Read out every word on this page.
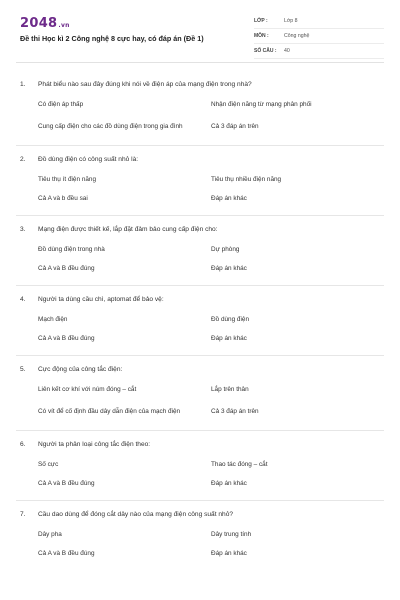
2048.vn
Đề thi Học kì 2 Công nghệ 8 cực hay, có đáp án (Đề 1)
LỚP :	Lớp 8
MÔN :	Công nghệ
SỐ CÂU :	40
1.	Phát biểu nào sau đây đúng khi nói về điện áp của mạng điện trong nhà?
Có điện áp thấp	Nhận điện năng từ mạng phân phối
Cung cấp điện cho các đồ dùng điện trong gia đình	Cả 3 đáp án trên
2.	Đồ dùng điện có công suất nhỏ là:
Tiêu thụ ít điện năng	Tiêu thụ nhiều điện năng
Cả A và b đều sai	Đáp án khác
3.	Mạng điện được thiết kế, lắp đặt đảm bảo cung cấp điện cho:
Đồ dùng điện trong nhà	Dự phòng
Cả A và B đều đúng	Đáp án khác
4.	Người ta dùng cầu chì, aptomat để bảo vệ:
Mạch điện	Đồ dùng điện
Cả A và B đều đúng	Đáp án khác
5.	Cực động của công tắc điện:
Liên kết cơ khí với núm đóng – cắt	Lắp trên thân
Có vít để cố định đầu dây dẫn điện của mạch điện	Cả 3 đáp án trên
6.	Người ta phân loại công tắc điện theo:
Số cực	Thao tác đóng – cắt
Cả A và B đều đúng	Đáp án khác
7.	Cầu dao dùng để đóng cắt dây nào của mạng điện công suất nhỏ?
Dây pha	Dây trung tính
Cả A và B đều đúng	Đáp án khác
